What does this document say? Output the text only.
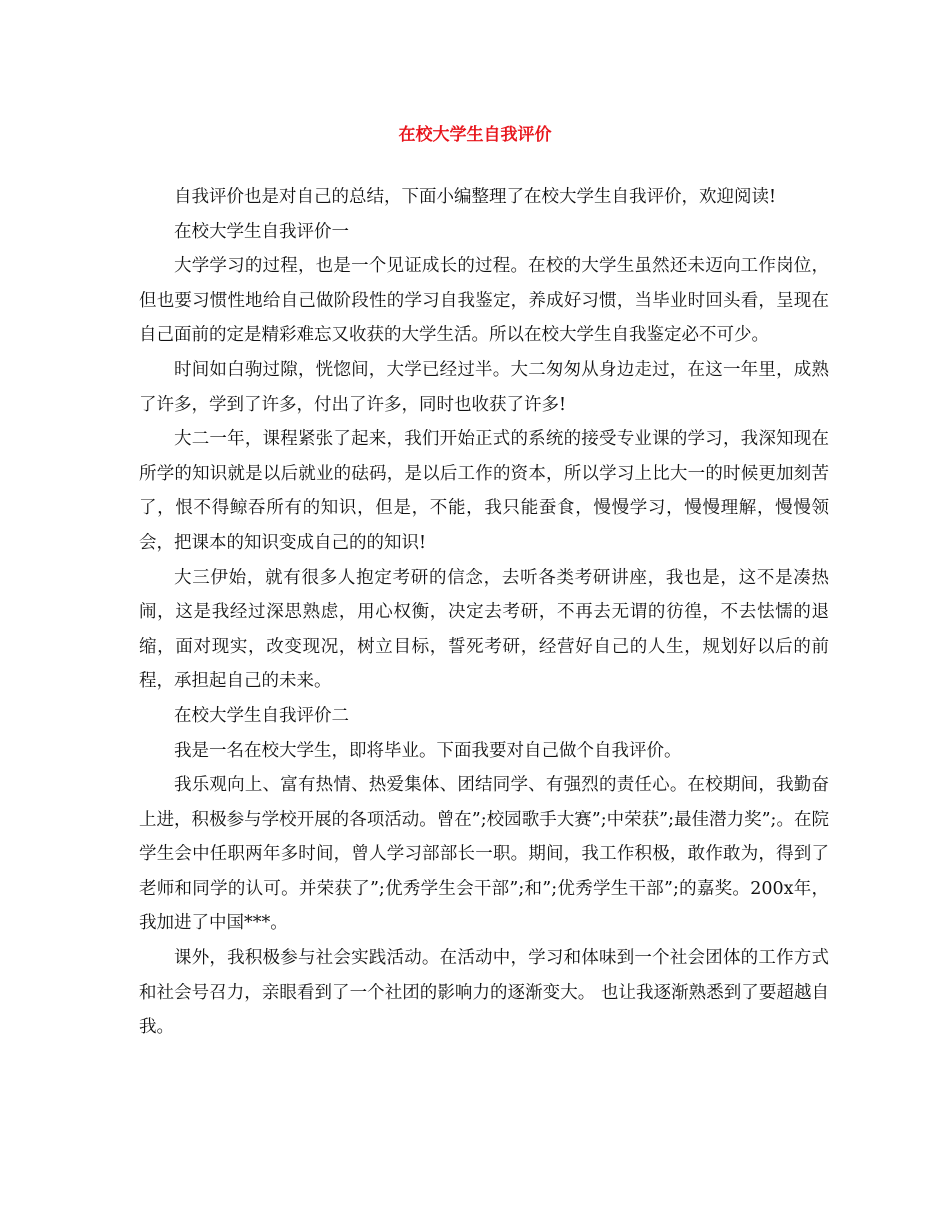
在校大学生自我评价

自我评价也是对自己的总结，下面小编整理了在校大学生自我评价，欢迎阅读!

在校大学生自我评价一

大学学习的过程，也是一个见证成长的过程。在校的大学生虽然还未迈向工作岗位，但也要习惯性地给自己做阶段性的学习自我鉴定，养成好习惯，当毕业时回头看，呈现在自己面前的定是精彩难忘又收获的大学生活。所以在校大学生自我鉴定必不可少。

时间如白驹过隙，恍惚间，大学已经过半。大二匆匆从身边走过，在这一年里，成熟了许多，学到了许多，付出了许多，同时也收获了许多!

大二一年，课程紧张了起来，我们开始正式的系统的接受专业课的学习，我深知现在所学的知识就是以后就业的砝码，是以后工作的资本，所以学习上比大一的时候更加刻苦了，恨不得鲸吞所有的知识，但是，不能，我只能蚕食，慢慢学习，慢慢理解，慢慢领会，把课本的知识变成自己的的知识!

大三伊始，就有很多人抱定考研的信念，去听各类考研讲座，我也是，这不是凑热闹，这是我经过深思熟虑，用心权衡，决定去考研，不再去无谓的彷徨，不去怯懦的退缩，面对现实，改变现况，树立目标，誓死考研，经营好自己的人生，规划好以后的前程，承担起自己的未来。

在校大学生自我评价二

我是一名在校大学生，即将毕业。下面我要对自己做个自我评价。

我乐观向上、富有热情、热爱集体、团结同学、有强烈的责任心。在校期间，我勤奋上进，积极参与学校开展的各项活动。曾在”;校园歌手大赛”;中荣获”;最佳潜力奖”;。在院学生会中任职两年多时间，曾人学习部部长一职。期间，我工作积极，敢作敢为，得到了老师和同学的认可。并荣获了”;优秀学生会干部”;和”;优秀学生干部”;的嘉奖。200x年，我加进了中国***。

课外，我积极参与社会实践活动。在活动中，学习和体味到一个社会团体的工作方式和社会号召力，亲眼看到了一个社团的影响力的逐渐变大。 也让我逐渐熟悉到了要超越自我。
